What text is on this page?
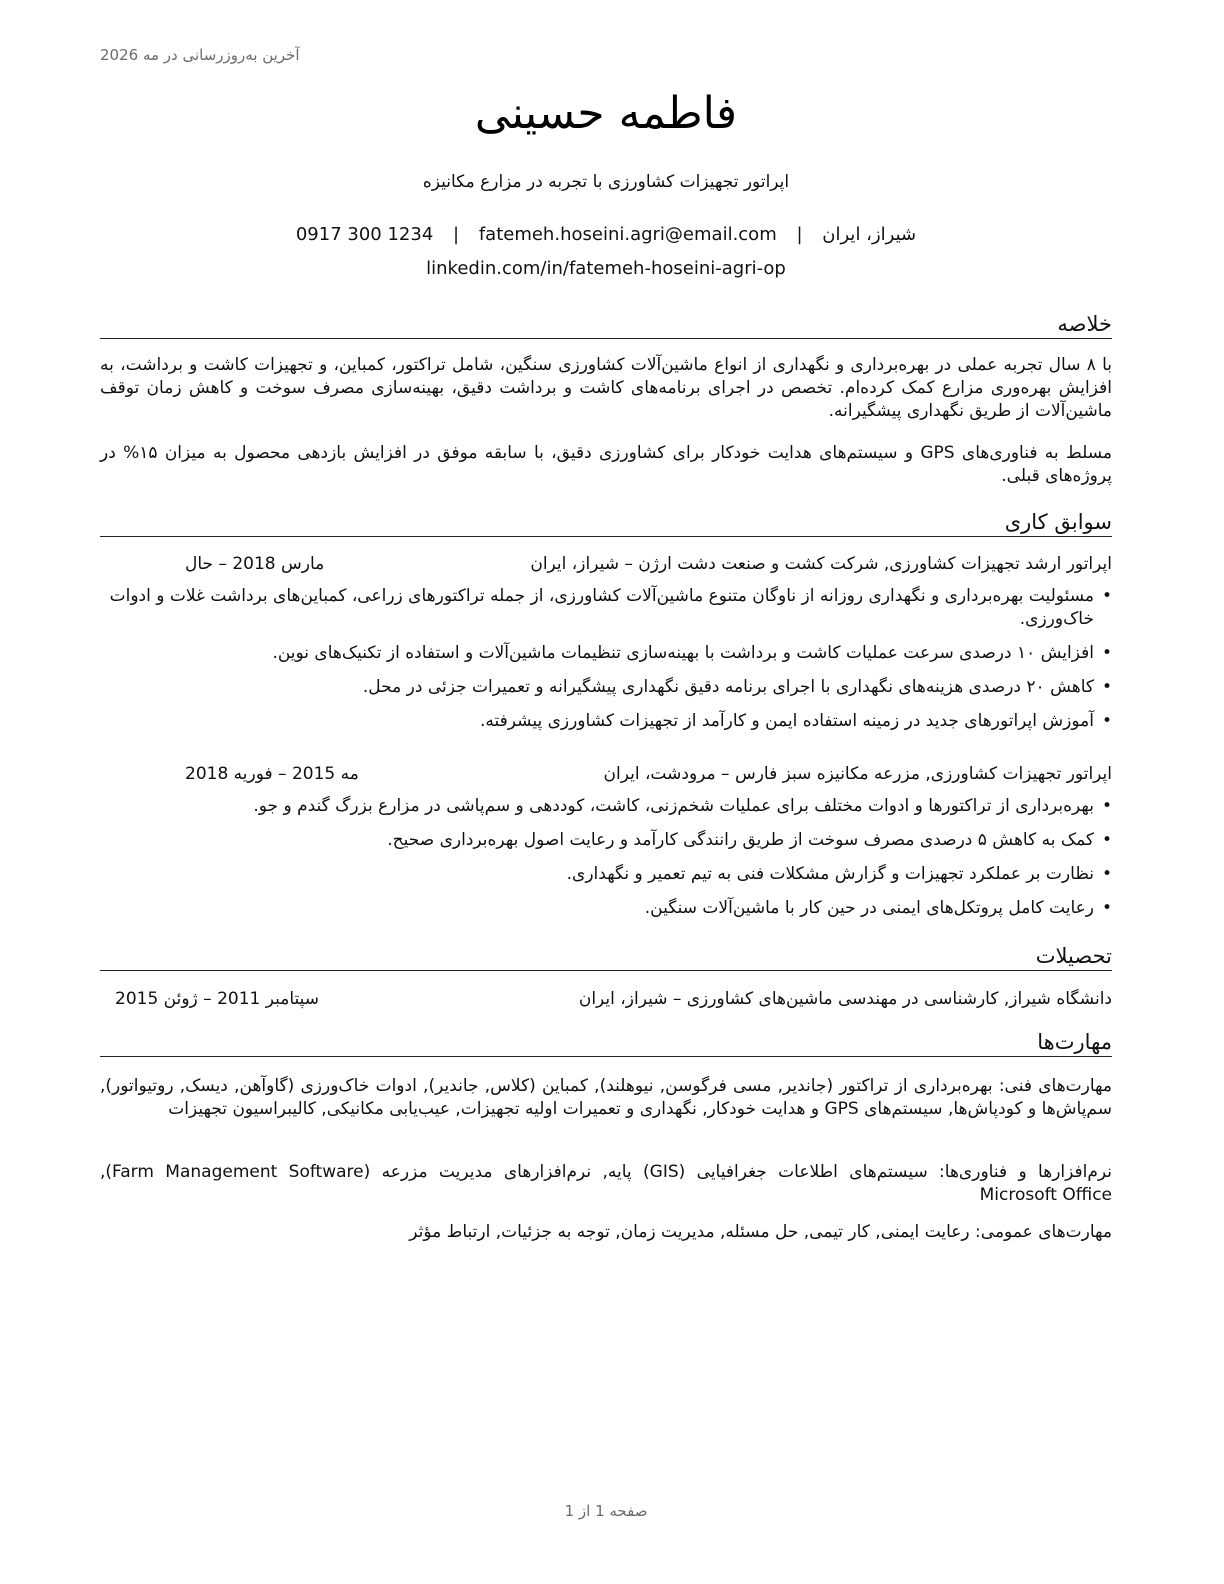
آخرین به‌روزرسانی در مه 2026
فاطمه حسینی
اپراتور تجهیزات کشاورزی با تجربه در مزارع مکانیزه
شیراز، ایران | fatemeh.hoseini.agri@email.com | 0917 300 1234
linkedin.com/in/fatemeh-hoseini-agri-op
خلاصه
با ۸ سال تجربه عملی در بهره‌برداری و نگهداری از انواع ماشین‌آلات کشاورزی سنگین، شامل تراکتور، کمباین، و تجهیزات کاشت و برداشت، به افزایش بهره‌وری مزارع کمک کرده‌ام. تخصص در اجرای برنامه‌های کاشت و برداشت دقیق، بهینه‌سازی مصرف سوخت و کاهش زمان توقف ماشین‌آلات از طریق نگهداری پیشگیرانه.
مسلط به فناوری‌های GPS و سیستم‌های هدایت خودکار برای کشاورزی دقیق، با سابقه موفق در افزایش بازدهی محصول به میزان ۱۵% در پروژه‌های قبلی.
سوابق کاری
اپراتور ارشد تجهیزات کشاورزی, شرکت کشت و صنعت دشت ارژن – شیراز، ایران
مارس 2018 – حال
• مسئولیت بهره‌برداری و نگهداری روزانه از ناوگان متنوع ماشین‌آلات کشاورزی، از جمله تراکتورهای زراعی، کمباین‌های برداشت غلات و ادوات خاک‌ورزی.
• افزایش ۱۰ درصدی سرعت عملیات کاشت و برداشت با بهینه‌سازی تنظیمات ماشین‌آلات و استفاده از تکنیک‌های نوین.
• کاهش ۲۰ درصدی هزینه‌های نگهداری با اجرای برنامه دقیق نگهداری پیشگیرانه و تعمیرات جزئی در محل.
• آموزش اپراتورهای جدید در زمینه استفاده ایمن و کارآمد از تجهیزات کشاورزی پیشرفته.
اپراتور تجهیزات کشاورزی, مزرعه مکانیزه سبز فارس – مرودشت، ایران
مه 2015 – فوریه 2018
• بهره‌برداری از تراکتورها و ادوات مختلف برای عملیات شخم‌زنی، کاشت، کوددهی و سم‌پاشی در مزارع بزرگ گندم و جو.
• کمک به کاهش ۵ درصدی مصرف سوخت از طریق رانندگی کارآمد و رعایت اصول بهره‌برداری صحیح.
• نظارت بر عملکرد تجهیزات و گزارش مشکلات فنی به تیم تعمیر و نگهداری.
• رعایت کامل پروتکل‌های ایمنی در حین کار با ماشین‌آلات سنگین.
تحصیلات
دانشگاه شیراز, کارشناسی در مهندسی ماشین‌های کشاورزی – شیراز، ایران
سپتامبر 2011 – ژوئن 2015
مهارت‌ها
مهارت‌های فنی: بهره‌برداری از تراکتور (جاندیر, مسی فرگوسن, نیوهلند), کمباین (کلاس, جاندیر), ادوات خاک‌ورزی (گاوآهن, دیسک, روتیواتور), سم‌پاش‌ها و کودپاش‌ها, سیستم‌های GPS و هدایت خودکار, نگهداری و تعمیرات اولیه تجهیزات, عیب‌یابی مکانیکی, کالیبراسیون تجهیزات
نرم‌افزارها و فناوری‌ها: سیستم‌های اطلاعات جغرافیایی (GIS) پایه, نرم‌افزارهای مدیریت مزرعه (Farm Management Software), Microsoft Office
مهارت‌های عمومی: رعایت ایمنی, کار تیمی, حل مسئله, مدیریت زمان, توجه به جزئیات, ارتباط مؤثر
صفحه 1 از 1
